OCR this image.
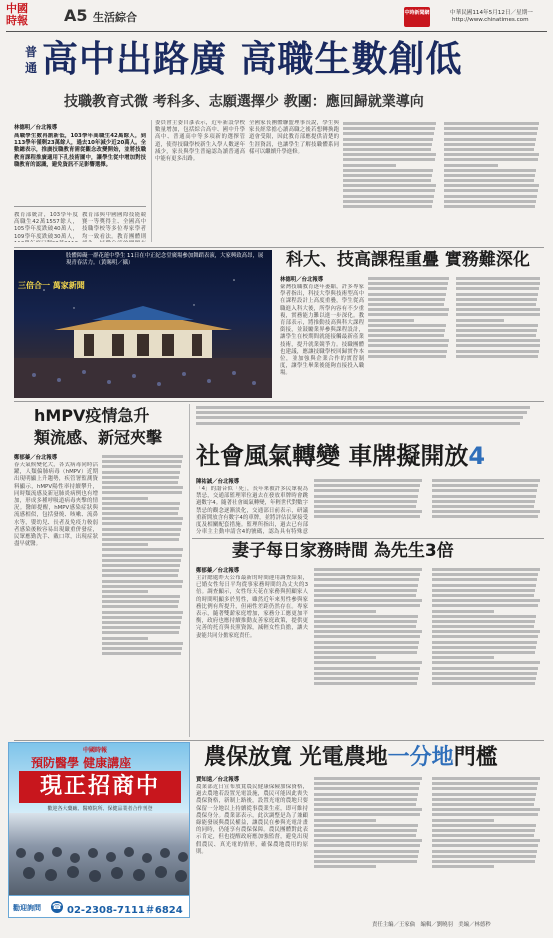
中國
時報 A5 生活綜合	中時新聞網	中華民國114年5月12日／星期一
http://www.chinatimes.com
普通 高中出路廣 高職生數創低
技職教育式微 考科多、志願選擇少 教團：應回歸就業導向
林德明／台北報導
高職學生數再創新低，103學年高職生42萬餘人，到113學年僅剩23萬餘人，過去10年減少近20萬人。全數總表示，推廣技職教育需從觀念改變開始，並將技職教育課程推廣適用下孔技術圖中，讓學生從中增加對技職教育的認識，避免資訊不足影響選擇。
教育部統計，103學年度高職生42萬1557餘人，105學年度跌破40萬人，109學年度跌破30萬人，
教育部與中國國際技能競賽一等獎得主、全國高中技職學校等多位專家學者均一致看法。教育團體則
委員會主委自彥表示，近年新設學校數量增加，包括綜合高中、國中升學高中、普通高中等多項新的選擇管道，使得技職學校新生入學人數逐年減少，家長與學生普遍認為讀普通高中能有更多出路。
全國家長團體聯盟理事長說，學生與家長經常擔心讀高職之後若想轉換跑道會受限，因此教育部應提供清楚的生涯資訊，也讓學生了解技職體系同樣可以繼續升學進修。
肢體障礙一群花蓮中學生 11日在中正紀念堂廣場參加舞蹈表演，大家興致高昂，展現青春活力。（黃賜明／攝）
三倍合一 萬家新聞
科大、技高課程重疊 實務難深化
林德明／台北報導
臺灣技職教育逐年萎縮，許多專家學者指出，科技大學與技術型高中在課程設計上高度重疊，學生從高職進入科大後，所學內容有不少重複，實務能力難以進一步深化。教育部表示，將推動技高與科大課程銜接，並鼓勵業界參與課程設計，讓學生在校期間就能接觸最新產業技術，提升就業競爭力。技職團體也建議，應讓技職學校回歸實作本位，並加強與企業合作的實習制度，讓學生畢業後能夠直接投入職場。
hMPV疫情急升
類流感、新冠夾擊
鄭郁蓁／台北報導
春天氣候變化大，各式病毒同時活躍，人類偏肺病毒（hMPV）近期出現明顯上升趨勢，疾管署監測資料顯示，hMPV陽性率持續攀升，同時類流感及新冠肺炎病例也有增加，形成多種呼吸道病毒夾擊的情況。醫師提醒，hMPV感染症狀與流感相似，包括發燒、咳嗽、流鼻水等，嬰幼兒、長者及免疫力較弱者感染後較容易出現嚴重併發症，民眾應勤洗手、戴口罩，出現症狀盡早就醫。
社會風氣轉變 車牌擬開放4
陳祐誠／台北報導
「4」的諧音似「死」，長年來被許多民眾視為禁忌，交通部監理單位過去在發放車牌時會跳過數字4。隨著社會風氣轉變，年輕世代對數字禁忌的觀念逐漸淡化，交通部日前表示，研議重新開放含有數字4的車牌，並將評估民眾接受度及相關配套措施。監理所指出，過去已有部分車主主動申請含4的號碼，認為具有特殊意
妻子每日家務時間 為先生3倍
鄭郁蓁／台北報導
主計總處昨天公布最新的時間運用調查結果，已婚女性每日平均從事家務時間約為丈夫的3倍。調查顯示，女性每天花在家務與照顧家人的時間明顯多於男性，雖然近年來男性參與家務比例有所提升，但兩性差距仍然存在。專家表示，隨著雙薪家庭增加，家務分工應更加平衡，政府也應持續推動友善家庭政策，提供更完善的托育與長照資源，減輕女性負擔，讓夫妻能共同分擔家庭責任。
中國時報
預防醫學 健康講座
現正招商中
歡迎各大藥廠、醫療院所、保健品業者合作刊登
勸迎詢問 ☎ 02-2308-7111＃6824
農保放寬 光電農地一分地門檻
賈知遠／台北報導
農業部近日宣布放寬農民健康保險加保資格，過去農地若設置光電設施，農民可能因此喪失農保資格，新制上路後，設置光電的農地只要保留一分地以上持續從事農業生產，即可維持農保身分。農業部表示，此次調整是為了兼顧綠能發展與農民權益，讓農民在參與光電計畫的同時，仍能享有農保保障。農民團體對此表示肯定，但也提醒政府應加強監督，避免出現假農民、真光電的情形，確保農地農用的原則。
責任主編／王家倫　編輯／劉曉羽　美編／林德秒
